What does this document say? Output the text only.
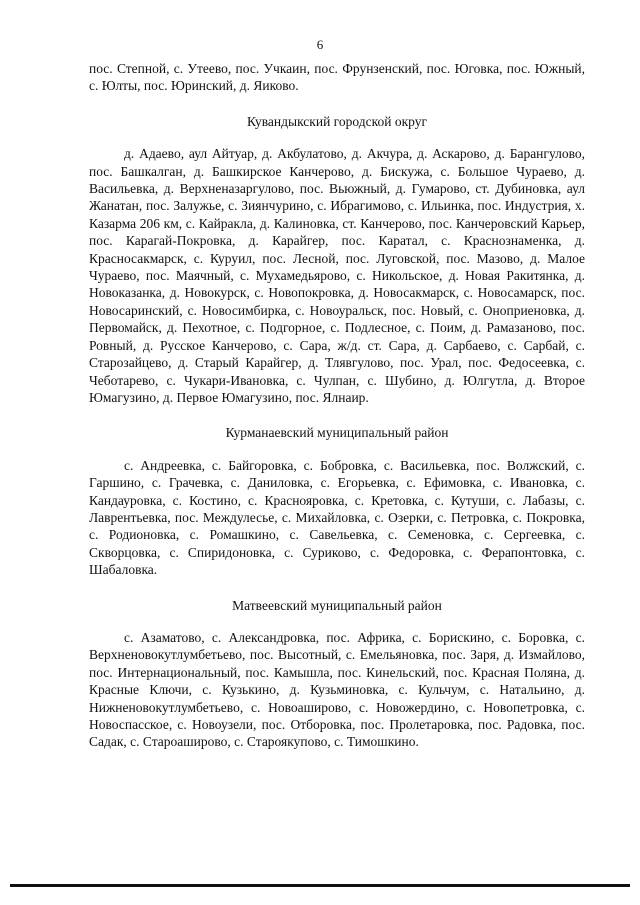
6

пос. Степной, с. Утеево, пос. Учкаин, пос. Фрунзенский, пос. Юговка, пос. Южный, с. Юлты, пос. Юринский, д. Яиково.

Кувандыкский городской округ

д. Адаево, аул Айтуар, д. Акбулатово, д. Акчура, д. Аскарово, д. Барангулово, пос. Башкалган, д. Башкирское Канчерово, д. Бискужа, с. Большое Чураево, д. Васильевка, д. Верхненазаргулово, пос. Вьюжный, д. Гумарово, ст. Дубиновка, аул Жанатан, пос. Залужье, с. Зиянчурино, с. Ибрагимово, с. Ильинка, пос. Индустрия, х. Казарма 206 км, с. Кайракла, д. Калиновка, ст. Канчерово, пос. Канчеровский Карьер, пос. Карагай-Покровка, д. Карайгер, пос. Каратал, с. Краснознаменка, д. Красносакмарск, с. Куруил, пос. Лесной, пос. Луговской, пос. Мазово, д. Малое Чураево, пос. Маячный, с. Мухамедьярово, с. Никольское, д. Новая Ракитянка, д. Новоказанка, д. Новокурск, с. Новопокровка, д. Новосакмарск, с. Новосамарск, пос. Новосаринский, с. Новосимбирка, с. Новоуральск, пос. Новый, с. Оноприеновка, д. Первомайск, д. Пехотное, с. Подгорное, с. Подлесное, с. Поим, д. Рамазаново, пос. Ровный, д. Русское Канчерово, с. Сара, ж/д. ст. Сара, д. Сарбаево, с. Сарбай, с. Старозайцево, д. Старый Карайгер, д. Тлявгулово, пос. Урал, пос. Федосеевка, с. Чеботарево, с. Чукари-Ивановка, с. Чулпан, с. Шубино, д. Юлгутла, д. Второе Юмагузино, д. Первое Юмагузино, пос. Ялнаир.

Курманаевский муниципальный район

с. Андреевка, с. Байгоровка, с. Бобровка, с. Васильевка, пос. Волжский, с. Гаршино, с. Грачевка, с. Даниловка, с. Егорьевка, с. Ефимовка, с. Ивановка, с. Кандауровка, с. Костино, с. Краснояровка, с. Кретовка, с. Кутуши, с. Лабазы, с. Лаврентьевка, пос. Междулесье, с. Михайловка, с. Озерки, с. Петровка, с. Покровка, с. Родионовка, с. Ромашкино, с. Савельевка, с. Семеновка, с. Сергеевка, с. Скворцовка, с. Спиридоновка, с. Суриково, с. Федоровка, с. Ферапонтовка, с. Шабаловка.

Матвеевский муниципальный район

с. Азаматово, с. Александровка, пос. Африка, с. Борискино, с. Боровка, с. Верхненовокутлумбетьево, пос. Высотный, с. Емельяновка, пос. Заря, д. Измайлово, пос. Интернациональный, пос. Камышла, пос. Кинельский, пос. Красная Поляна, д. Красные Ключи, с. Кузькино, д. Кузьминовка, с. Кульчум, с. Натальино, д. Нижненовокутлумбетьево, с. Новоаширово, с. Новожердино, с. Новопетровка, с. Новоспасское, с. Новоузели, пос. Отборовка, пос. Пролетаровка, пос. Радовка, пос. Садак, с. Староаширово, с. Староякупово, с. Тимошкино.
